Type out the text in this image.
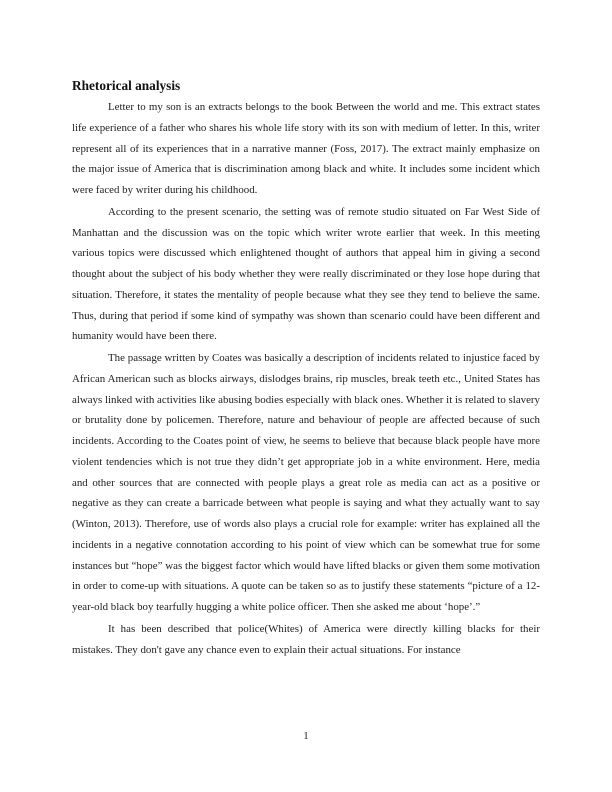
Rhetorical analysis

Letter to my son is an extracts belongs to the book Between the world and me. This extract states life experience of a father who shares his whole life story with its son with medium of letter. In this, writer represent all of its experiences that in a narrative manner (Foss, 2017). The extract mainly emphasize on the major issue of America that is discrimination among black and white. It includes some incident which were faced by writer during his childhood.

According to the present scenario, the setting was of remote studio situated on Far West Side of Manhattan and the discussion was on the topic which writer wrote earlier that week. In this meeting various topics were discussed which enlightened thought of authors that appeal him in giving a second thought about the subject of his body whether they were really discriminated or they lose hope during that situation. Therefore, it states the mentality of people because what they see they tend to believe the same. Thus, during that period if some kind of sympathy was shown than scenario could have been different and humanity would have been there.

The passage written by Coates was basically a description of incidents related to injustice faced by African American such as blocks airways, dislodges brains, rip muscles, break teeth etc., United States has always linked with activities like abusing bodies especially with black ones. Whether it is related to slavery or brutality done by policemen. Therefore, nature and behaviour of people are affected because of such incidents. According to the Coates point of view, he seems to believe that because black people have more violent tendencies which is not true they didn’t get appropriate job in a white environment. Here, media and other sources that are connected with people plays a great role as media can act as a positive or negative as they can create a barricade between what people is saying and what they actually want to say (Winton, 2013). Therefore, use of words also plays a crucial role for example: writer has explained all the incidents in a negative connotation according to his point of view which can be somewhat true for some instances but “hope” was the biggest factor which would have lifted blacks or given them some motivation in order to come-up with situations. A quote can be taken so as to justify these statements “picture of a 12-year-old black boy tearfully hugging a white police officer. Then she asked me about ‘hope’.”

It has been described that police(Whites) of America were directly killing blacks for their mistakes. They don't gave any chance even to explain their actual situations. For instance

1
